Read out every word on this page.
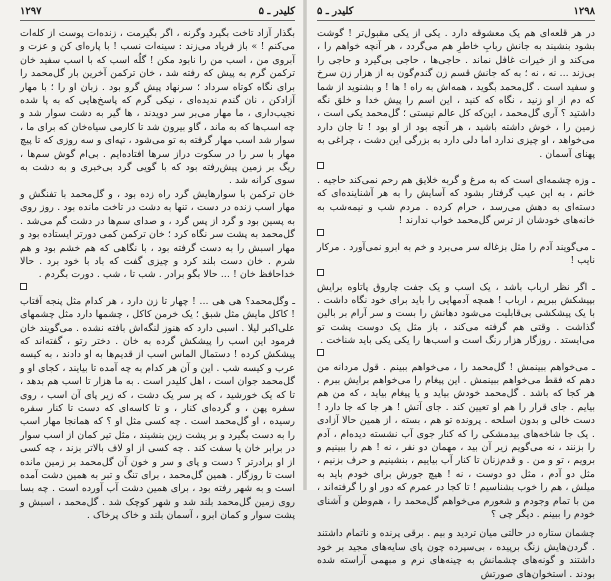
۱۲۹۷	کلیدر ـ ۵

بگذار آزاد تاخت بگیرد وگرنه ، اگر بگیرمت ، زنده‌ات پوست از کله‌ات می‌کنم ! » باز فریاد می‌زند : سینه‌ات نسب ! با پاره‌ای کن و عزت و آبروی من ، اسب من را نابود مکن ! گلُه اسب که با اسب سفید خان ترکمن گرم به پیش که رفته شد ، خان ترکمن آخرین بار گل‌محمد را برای نگاه کوتاه سرداد ؛ سرنهاد پیش گرو بود . زبان او را ؛ با مهار آزادکن ، نان گندم ندیده‌ای ، نیکی گرم که پاسخ‌هایی که به پا شده نجیب‌داری ، ما مهار می‌بر سر دویدند ، ها گیر به دشت سوار شد و چه اسب‌ها که به ماند ، گاو بیرون شد تا کارمی سیاه‌خان که برای ما ، سوار شد اسب مهار گرفته به تو می‌شود ، تپه‌ای و سه روزی که تا پیچ مهار با سر را در سکوت دراز سر‌ها افتاده‌ایم . بی‌ام گوش سم‌ها ، ریگ بر زمین پیش‌رفته بود که با گویی گرد بی‌خبری و به دشت به سوی کرانه شد .

خان ترکمن با سوار‌هایش گرد راه زده بود ، و گل‌محمد با تفنگش و مهار اسب زنده در دست ، تنها به دشت در تاخت مانده بود . روز روی به پسین بود و گرد از پس گرد ، و صدای سم‌ها در دشت گم می‌شد . گل‌محمد به پشت سر نگاه کرد ؛ خان ترکمن کمی دورتر ایستاده بود و مهار اسبش را به دست گرفته بود ، با نگاهی که هم خشم بود و هم شرم . خان دست بلند کرد و چیزی گفت که باد با خود برد . حالا خداحافظ خان ! ... حالا بگو برادر . شب تا ، شب . دورت بگردم .

ـ وگل‌محمد؟ هی هی ... ! چهار تا زن دارد ، هر کدام مثل پنجه آفتاب ! کاکل مایش مثل شبق ؛ یک خرمن کاکل ، چشمها دارد مثل چشمهای علی‌اکبر لیلا . اسبی دارد که هنوز لنگه‌اش بافته نشده . می‌گویند خان فرمود این اسب را پیشکش گرده به خان . دختر رتو ، گفته‌اند که پیشکش کرده ! دستمال الماس اسب از قدیم‌ها به او دادند ، به کیسه عرب و کیسه شب . این و آن هر کدام به چه آمده تا بیایند ، کجای او و گل‌محمد جوان است ، اهل کلیدر است . به ما هزار تا اسب هم بدهد ، تا که یک خورشید ، که پر سر یک دشت ، که زیر پای آن اسب ، روی سفره پهن ، و گرده‌ای کنار ، و تا کاسه‌ای که دست تا کنار سفره رسیده ، او گل‌محمد است . چه کسی مثل او ؟ که همانجا مهار اسب را به دست بگیرد و بر پشت زین بنشیند ، مثل تیر کمان از اسب سوار در برابر خان پا سفت کند . چه کسی از او لاف بالاتر بزند ، چه کسی از او برادرتر ؟ دست و پای و سر و خون آن گل‌محمد بر زمین مانده است تا روزگار . همین گل‌محمد ، برای تنگ و تبر به همین دشت آمده است و به شهر رفته بود ، برای همین دشت آب آورده است . چه بسا روی زمین گل‌محمد بلند شد و شهر کوچک شد . گل‌محمد ، اسبش و پشت سوار و کمان ابرو ، آسمان بلند و خاک پرخاک .

کلیدر ـ ۵	۱۲۹۸

در هر قلعه‌ای هم یک معشوقه دارد . یکی از یکی مقبول‌تر ! گوشت بشود بنشیند به جانش ربابِ خاطرِ هم می‌گردد ، هر آنچه خواهم را ، می‌کند و از خیرات غافل نماند . حاجی‌ها ، حاجی بی‌گیرد و حاجی را بی‌زند ... نه ، نه ؛ به که جانش قسم زن گندم‌گون به از هزار زن سرخ و سفید است . گل‌محمد بگوید ، همه‌اش به راه ! ها ! و بشنوید از شما که دم از او زنید ، نگاه که کنید ، این اسم را پیش خدا و خلق نگه داشتید ؟ آری گل‌محمد ، این‌که کل عالم نیستی ؛ گل‌محمد یکی است ، زمین را ، خوش داشته باشید ، هر آنچه بود از او بود ! تا جان دارد می‌خواهد ، او چیزی ندارد اما دلی دارد به بزرگی این دشت ، چراغی به پهنای آسمان .

ـ وزه چشمه‌ای است که به مرغ و گربه خلایق هم رحم نمی‌کند حاجیه . خانم ، به این عیب گرفتار بشود که آسایش را به هر آشناینده‌ای که دسته‌ای به دهش می‌رسد ، حرام کرده . مردم شب و نیمه‌شب به خانه‌های خودشان از ترس گل‌محمد خواب ندارند !

ـ می‌گویند آدم را مثل بزغاله سر می‌برد و خم به ابرو نمی‌آورد . مرکار نایب !

ـ اگر نظر ارباب باشد ، یک اسب و یک جفت چاروق پاتاوه برایش بپیشکش ببریم ، ارباب ! همچه آدمهایی را باید برای خود نگاه داشت . با یک پیشکشی بی‌قابلیت می‌شود دهانش را بست و سر آرام بر بالین گذاشت . وقتی هم گرفته می‌کند ، باز مثل یک دوست پشت تو می‌ایستد . روزگار هزار رنگ است و اسب‌ها را یکی یکی باید شناخت .

ـ می‌خواهم ببینمش ! گل‌محمد را ، می‌خواهم ببینم . قول مردانه من دهم که فقط می‌خواهم ببینمش . این پیغام را می‌خواهم برایش ببرم . هر کجا که باشد . گل‌محمد خودش بیاید و یا پیغام بیاید ، که من هم بیایم . جای قرار را هم او تعیین کند . جای آتش ! هر جا که جا دارد ! دست خالی و بدون اسلحه . پرونده تو هم ، بسته ، از همین حالا آزادی . یک جا شاخه‌های بیدمشکی را که کنار جوی آب نشسته دیده‌ام ، آدم را بزنند ، نه می‌گویم زیر آن بید ، مهمان دو نفر ، نه ! هم را ببینیم و برویم ، تو و من . و قدم‌زنان تا کنار آب بیاییم ، بنشینیم و حرف بزنیم ، مثل دو آدم ، مثل دو دوست ، نه ! هیچ جورش برای خودم باید به میلش ، هم را خوب بشناسیم ! تا کجا در عمرم که دور او را گرفته‌اند ، من با تمام وجودم و شعورم می‌خواهم گل‌محمد را ، هم‌وطن و آشنای خودم را ببینم . دیگر چی ؟

چشمان ستاره در حالتی میان تردید و بیم . برقی پرنده و نا‌تمام داشتند . گردن‌هایش زنگ برپیده ، بی‌سپرده چون پای سایه‌های مجید بر خود داشتند و گونه‌های چشمانش به چینه‌های نرم و مبهمی آراسته شده بودند . استخوان‌های صورتش
